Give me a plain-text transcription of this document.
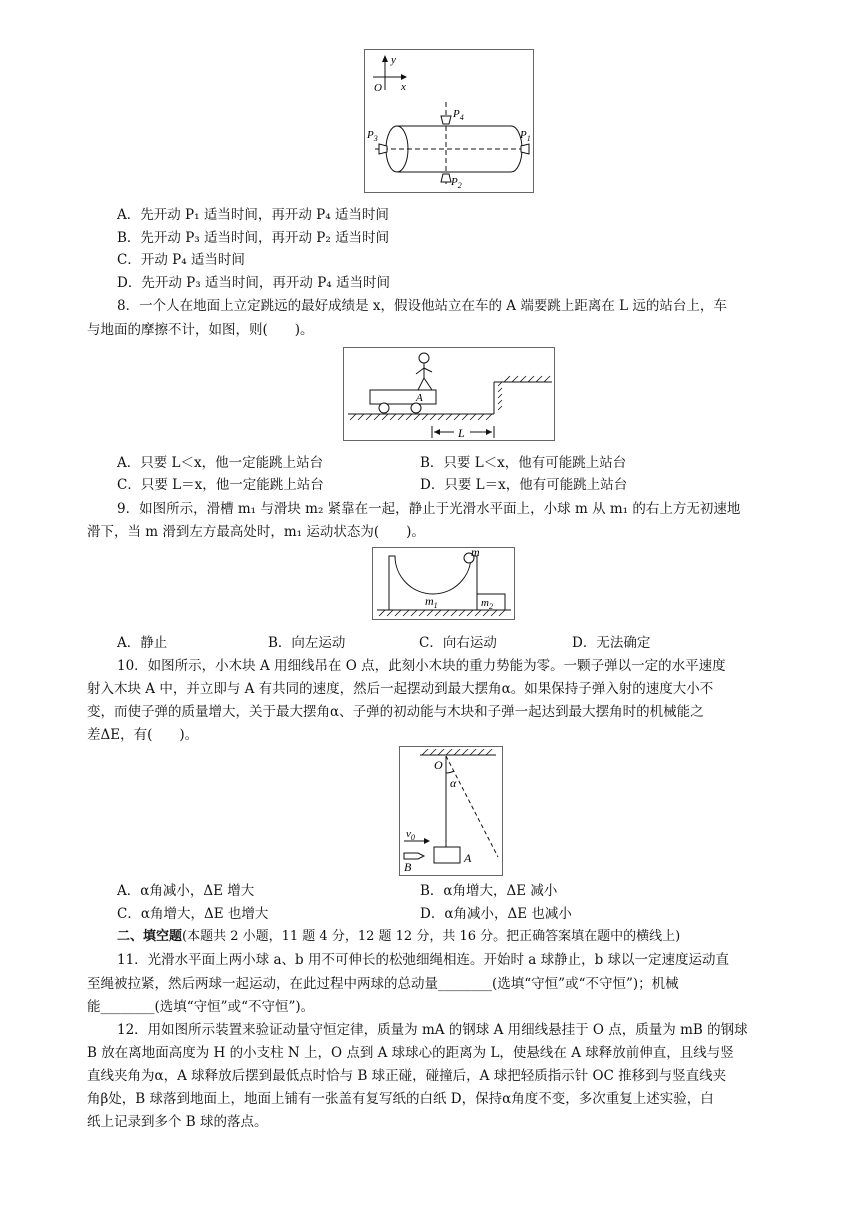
y
x
O
$P_4$
$P_2$
$P_3$	$P_1$
A．先开动 P₁ 适当时间，再开动 P₄ 适当时间
B．先开动 P₃ 适当时间，再开动 P₂ 适当时间
C．开动 P₄ 适当时间
D．先开动 P₃ 适当时间，再开动 P₄ 适当时间
8．一个人在地面上立定跳远的最好成绩是 x，假设他站立在车的 A 端要跳上距离在 L 远的站台上，车
与地面的摩擦不计，如图，则(　　)。
A
L
A．只要 L＜x，他一定能跳上站台	B．只要 L＜x，他有可能跳上站台
C．只要 L＝x，他一定能跳上站台	D．只要 L＝x，他有可能跳上站台
9．如图所示，滑槽 m₁ 与滑块 m₂ 紧靠在一起，静止于光滑水平面上，小球 m 从 m₁ 的右上方无初速地
滑下，当 m 滑到左方最高处时，m₁ 运动状态为(　　)。
$m_1$	$m_2$
m
A．静止	B．向左运动	C．向右运动	D．无法确定
10．如图所示，小木块 A 用细线吊在 O 点，此刻小木块的重力势能为零。一颗子弹以一定的水平速度
射入木块 A 中，并立即与 A 有共同的速度，然后一起摆动到最大摆角α。如果保持子弹入射的速度大小不
变，而使子弹的质量增大，关于最大摆角α、子弹的初动能与木块和子弹一起达到最大摆角时的机械能之
差ΔE，有(　　)。
O
α
A
$v_0$
B
A．α角减小，ΔE 增大	B．α角增大，ΔE 减小
C．α角增大，ΔE 也增大	D．α角减小，ΔE 也减小
二、填空题(本题共 2 小题，11 题 4 分，12 题 12 分，共 16 分。把正确答案填在题中的横线上)
11．光滑水平面上两小球 a、b 用不可伸长的松弛细绳相连。开始时 a 球静止，b 球以一定速度运动直
至绳被拉紧，然后两球一起运动，在此过程中两球的总动量________(选填“守恒”或“不守恒”)；机械
能________(选填“守恒”或“不守恒”)。
12．用如图所示装置来验证动量守恒定律，质量为 mA 的钢球 A 用细线悬挂于 O 点，质量为 mB 的钢球
B 放在离地面高度为 H 的小支柱 N 上，O 点到 A 球球心的距离为 L，使悬线在 A 球释放前伸直，且线与竖
直线夹角为α，A 球释放后摆到最低点时恰与 B 球正碰，碰撞后，A 球把轻质指示针 OC 推移到与竖直线夹
角β处，B 球落到地面上，地面上铺有一张盖有复写纸的白纸 D，保持α角度不变，多次重复上述实验，白
纸上记录到多个 B 球的落点。
